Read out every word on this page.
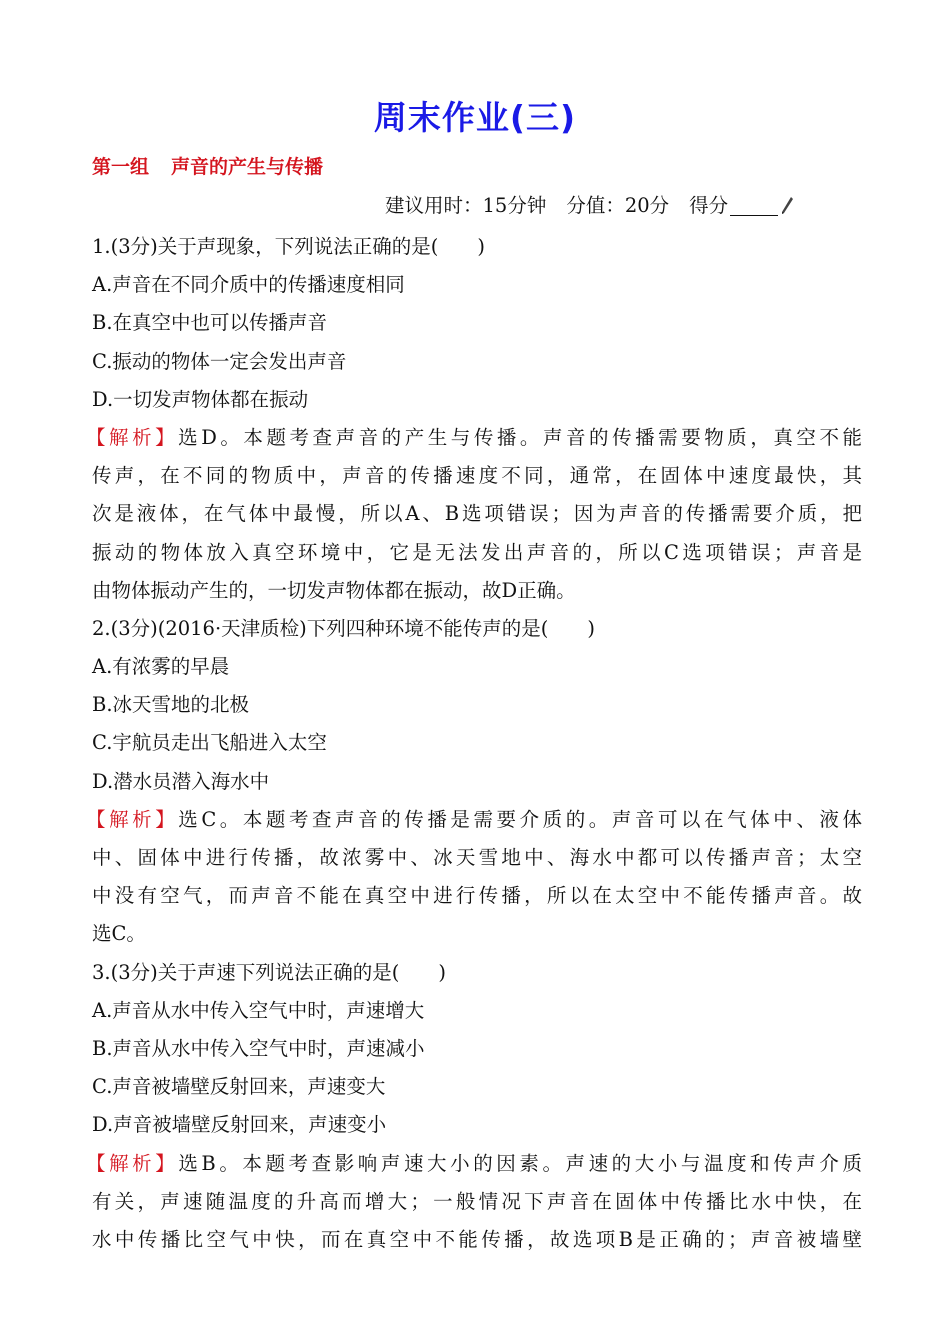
周末作业(三)
第一组 声音的产生与传播
建议用时：15分钟 分值：20分 得分
1.(3分)关于声现象，下列说法正确的是(　　)
A.声音在不同介质中的传播速度相同
B.在真空中也可以传播声音
C.振动的物体一定会发出声音
D.一切发声物体都在振动
【解析】选D。本题考查声音的产生与传播。声音的传播需要物质，真空不能
传声，在不同的物质中，声音的传播速度不同，通常，在固体中速度最快，其
次是液体，在气体中最慢，所以A、B选项错误；因为声音的传播需要介质，把
振动的物体放入真空环境中，它是无法发出声音的，所以C选项错误；声音是
由物体振动产生的，一切发声物体都在振动，故D正确。
2.(3分)(2016·天津质检)下列四种环境不能传声的是(　　)
A.有浓雾的早晨
B.冰天雪地的北极
C.宇航员走出飞船进入太空
D.潜水员潜入海水中
【解析】选C。本题考查声音的传播是需要介质的。声音可以在气体中、液体
中、固体中进行传播，故浓雾中、冰天雪地中、海水中都可以传播声音；太空
中没有空气，而声音不能在真空中进行传播，所以在太空中不能传播声音。故
选C。
3.(3分)关于声速下列说法正确的是(　　)
A.声音从水中传入空气中时，声速增大
B.声音从水中传入空气中时，声速减小
C.声音被墙壁反射回来，声速变大
D.声音被墙壁反射回来，声速变小
【解析】选B。本题考查影响声速大小的因素。声速的大小与温度和传声介质
有关，声速随温度的升高而增大；一般情况下声音在固体中传播比水中快，在
水中传播比空气中快，而在真空中不能传播，故选项B是正确的；声音被墙壁
